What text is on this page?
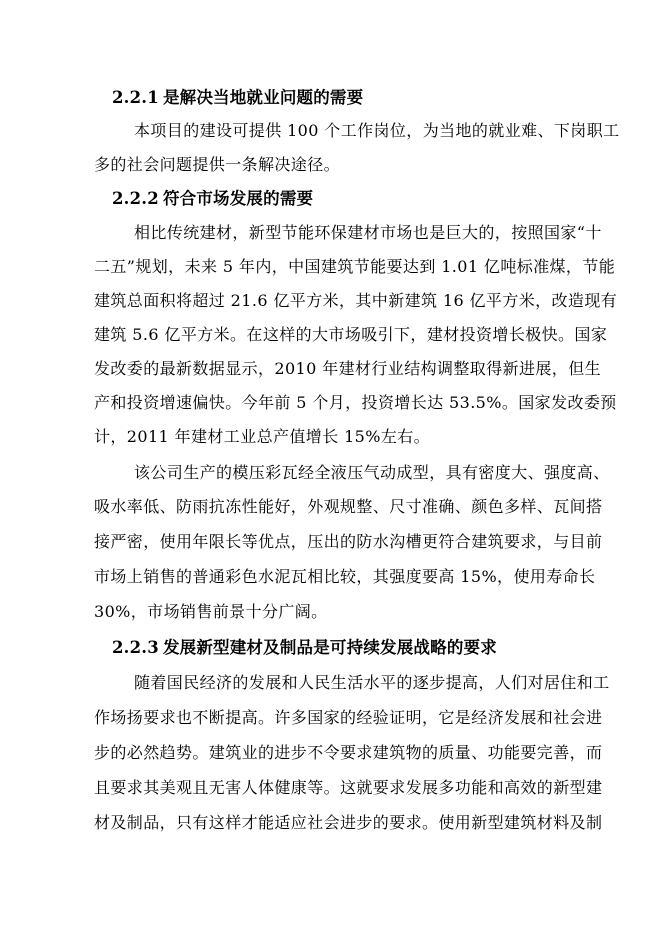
2.2.1 是解决当地就业问题的需要
本项目的建设可提供 100 个工作岗位，为当地的就业难、下岗职工
多的社会问题提供一条解决途径。
2.2.2 符合市场发展的需要
相比传统建材，新型节能环保建材市场也是巨大的，按照国家“十
二五”规划，未来 5 年内，中国建筑节能要达到 1.01 亿吨标准煤，节能
建筑总面积将超过 21.6 亿平方米，其中新建筑 16 亿平方米，改造现有
建筑 5.6 亿平方米。在这样的大市场吸引下，建材投资增长极快。国家
发改委的最新数据显示，2010 年建材行业结构调整取得新进展，但生
产和投资增速偏快。今年前 5 个月，投资增长达 53.5%。国家发改委预
计，2011 年建材工业总产值增长 15%左右。
该公司生产的模压彩瓦经全液压气动成型，具有密度大、强度高、
吸水率低、防雨抗冻性能好，外观规整、尺寸准确、颜色多样、瓦间搭
接严密，使用年限长等优点，压出的防水沟槽更符合建筑要求，与目前
市场上销售的普通彩色水泥瓦相比较，其强度要高 15%，使用寿命长
30%，市场销售前景十分广阔。
2.2.3 发展新型建材及制品是可持续发展战略的要求
随着国民经济的发展和人民生活水平的逐步提高，人们对居住和工
作场扬要求也不断提高。许多国家的经验证明，它是经济发展和社会进
步的必然趋势。建筑业的进步不令要求建筑物的质量、功能要完善，而
且要求其美观且无害人体健康等。这就要求发展多功能和高效的新型建
材及制品，只有这样才能适应社会进步的要求。使用新型建筑材料及制
